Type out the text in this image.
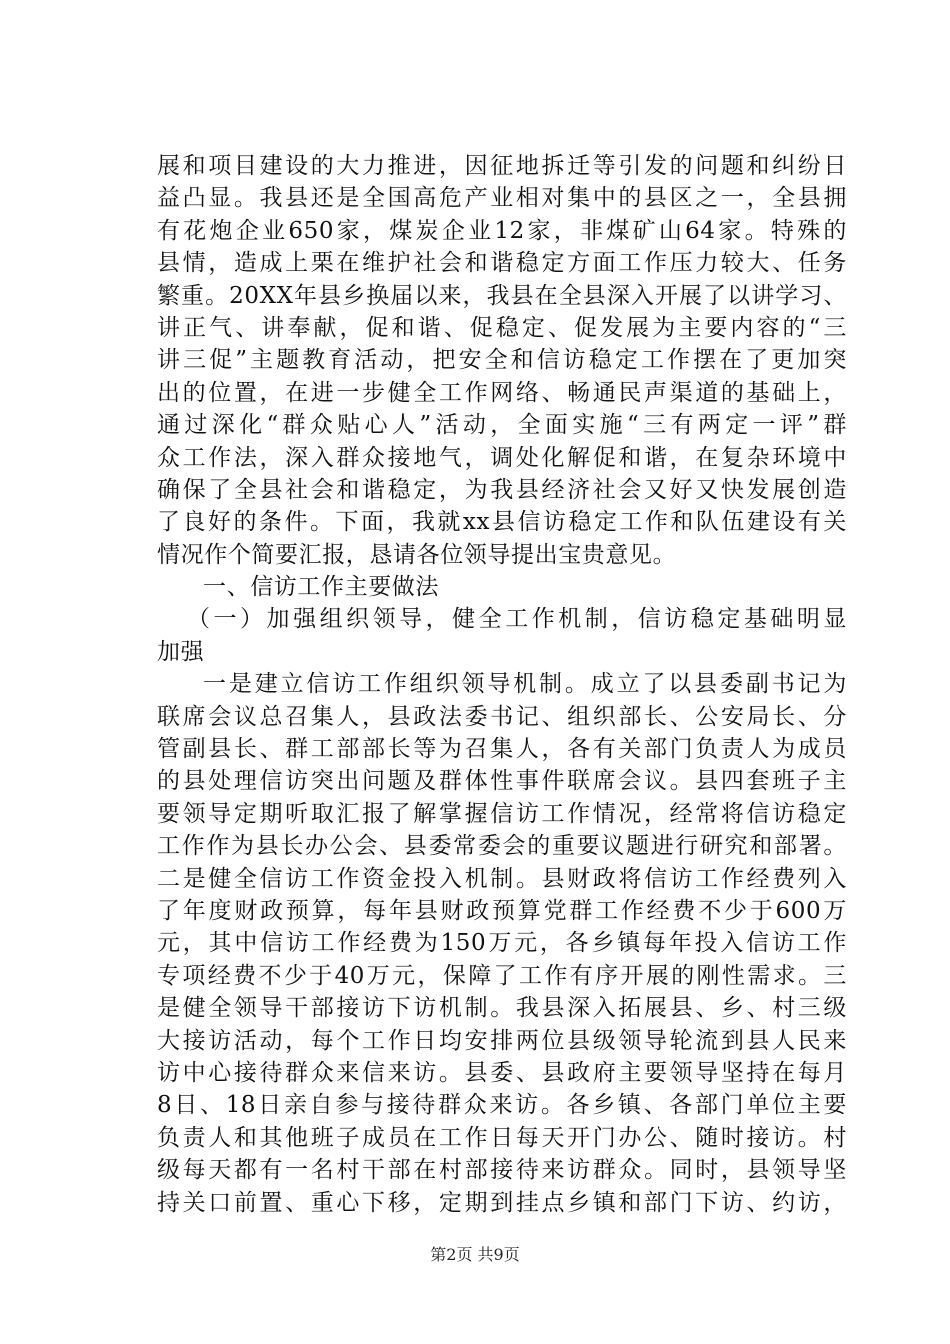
展和项目建设的大力推进，因征地拆迁等引发的问题和纠纷日
益凸显。我县还是全国高危产业相对集中的县区之一，全县拥
有花炮企业650家，煤炭企业12家，非煤矿山64家。特殊的
县情，造成上栗在维护社会和谐稳定方面工作压力较大、任务
繁重。20XX年县乡换届以来，我县在全县深入开展了以讲学习、
讲正气、讲奉献，促和谐、促稳定、促发展为主要内容的“三
讲三促”主题教育活动，把安全和信访稳定工作摆在了更加突
出的位置，在进一步健全工作网络、畅通民声渠道的基础上，
通过深化“群众贴心人”活动，全面实施“三有两定一评”群
众工作法，深入群众接地气，调处化解促和谐，在复杂环境中
确保了全县社会和谐稳定，为我县经济社会又好又快发展创造
了良好的条件。下面，我就xx县信访稳定工作和队伍建设有关
情况作个简要汇报，恳请各位领导提出宝贵意见。
一、信访工作主要做法
（一）加强组织领导，健全工作机制，信访稳定基础明显
加强
一是建立信访工作组织领导机制。成立了以县委副书记为
联席会议总召集人，县政法委书记、组织部长、公安局长、分
管副县长、群工部部长等为召集人，各有关部门负责人为成员
的县处理信访突出问题及群体性事件联席会议。县四套班子主
要领导定期听取汇报了解掌握信访工作情况，经常将信访稳定
工作作为县长办公会、县委常委会的重要议题进行研究和部署。
二是健全信访工作资金投入机制。县财政将信访工作经费列入
了年度财政预算，每年县财政预算党群工作经费不少于600万
元，其中信访工作经费为150万元，各乡镇每年投入信访工作
专项经费不少于40万元，保障了工作有序开展的刚性需求。三
是健全领导干部接访下访机制。我县深入拓展县、乡、村三级
大接访活动，每个工作日均安排两位县级领导轮流到县人民来
访中心接待群众来信来访。县委、县政府主要领导坚持在每月
8日、18日亲自参与接待群众来访。各乡镇、各部门单位主要
负责人和其他班子成员在工作日每天开门办公、随时接访。村
级每天都有一名村干部在村部接待来访群众。同时，县领导坚
持关口前置、重心下移，定期到挂点乡镇和部门下访、约访，
第2页 共9页
